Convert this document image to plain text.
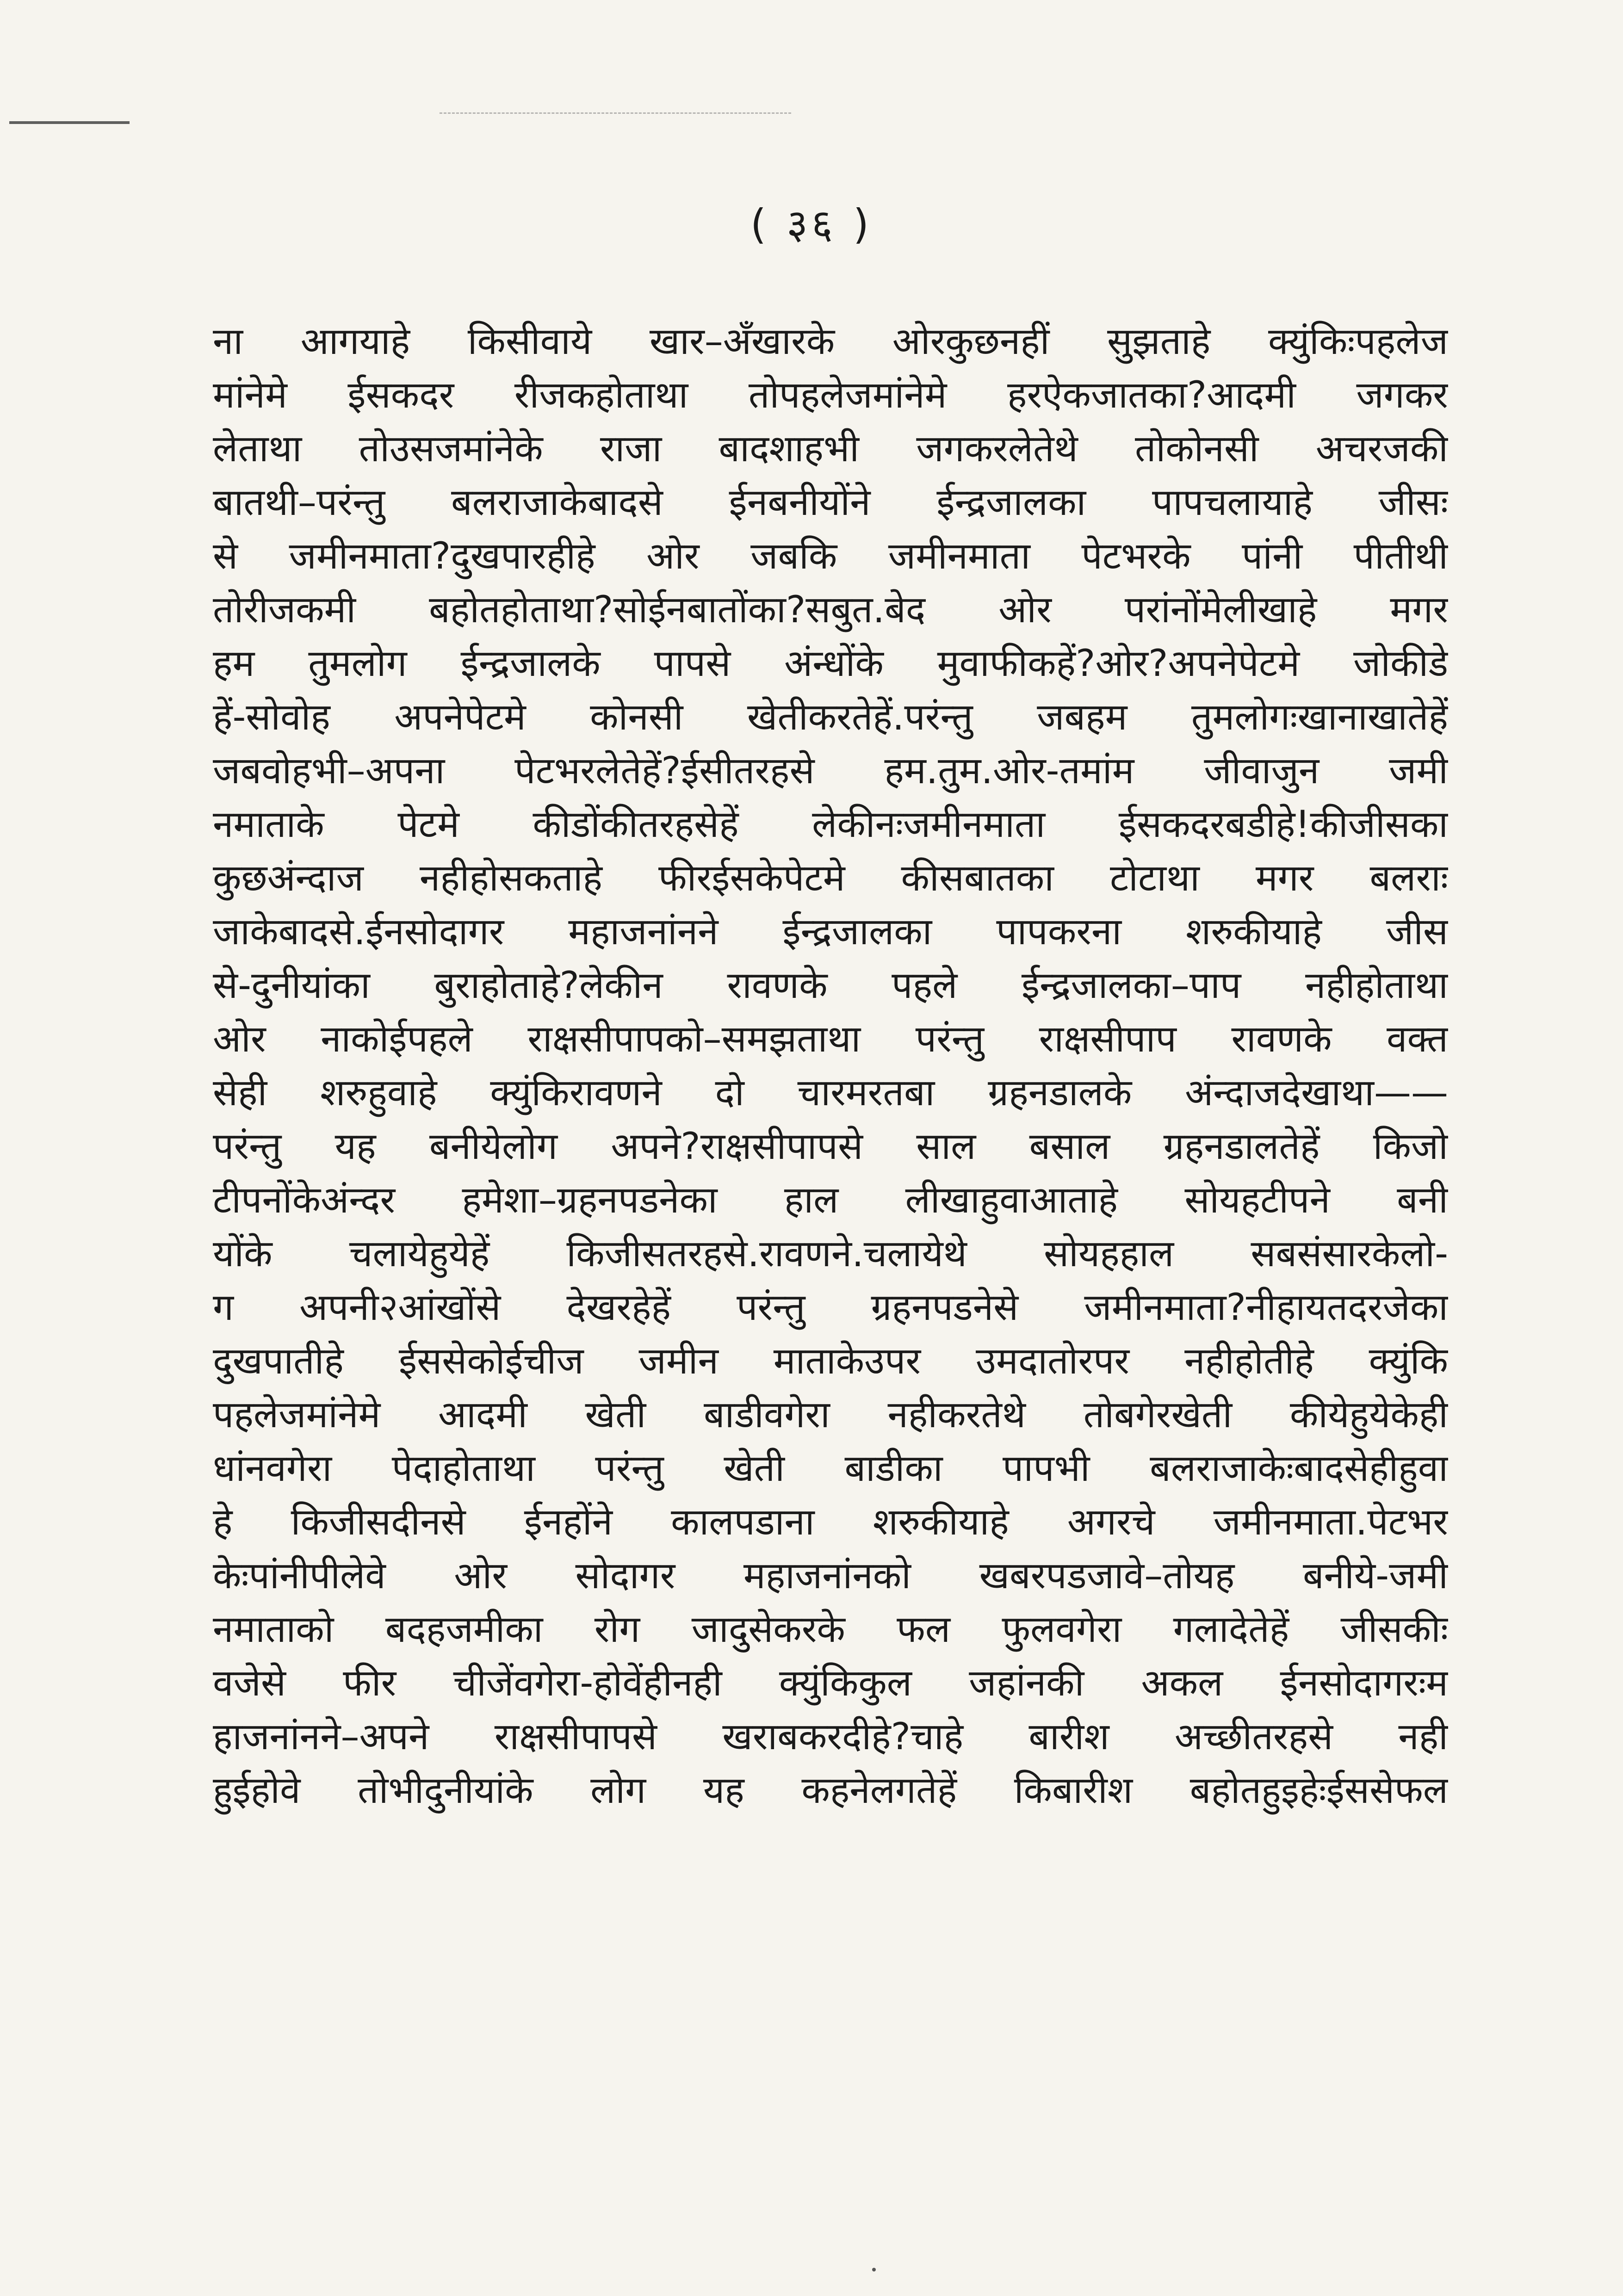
( ३६ )
ना आगयाहे किसीवाये खार–अँखारके ओरकुछनहीं सुझताहे क्युंकिःपहलेज
मांनेमे ईसकदर रीजकहोताथा तोपहलेजमांनेमे हरऐकजातका?आदमी जगकर
लेताथा तोउसजमांनेके राजा बादशाहभी जगकरलेतेथे तोकोनसी अचरजकी
बातथी–परंन्तु बलराजाकेबादसे ईनबनीयोंने ईन्द्रजालका पापचलायाहे जीसः
से जमीनमाता?दुखपारहीहे ओर जबकि जमीनमाता पेटभरके पांनी पीतीथी
तोरीजकमी बहोतहोताथा?सोईनबातोंका?सबुत.बेद ओर परांनोंमेलीखाहे मगर
हम तुमलोग ईन्द्रजालके पापसे अंन्धोंके मुवाफीकहें?ओर?अपनेपेटमे जोकीडे
हें-सोवोह अपनेपेटमे कोनसी खेतीकरतेहें.परंन्तु जबहम तुमलोगःखानाखातेहें
जबवोहभी–अपना पेटभरलेतेहें?ईसीतरहसे हम.तुम.ओर-तमांम जीवाजुन जमी
नमाताके पेटमे कीडोंकीतरहसेहें लेकीनःजमीनमाता ईसकदरबडीहे!कीजीसका
कुछअंन्दाज नहीहोसकताहे फीरईसकेपेटमे कीसबातका टोटाथा मगर बलराः
जाकेबादसे.ईनसोदागर महाजनांनने ईन्द्रजालका पापकरना शरुकीयाहे जीस
से-दुनीयांका बुराहोताहे?लेकीन रावणके पहले ईन्द्रजालका–पाप नहीहोताथा
ओर नाकोईपहले राक्षसीपापको–समझताथा परंन्तु राक्षसीपाप रावणके वक्त
सेही शरुहुवाहे क्युंकिरावणने दो चारमरतबा ग्रहनडालके अंन्दाजदेखाथा——
परंन्तु यह बनीयेलोग अपने?राक्षसीपापसे साल बसाल ग्रहनडालतेहें किजो
टीपनोंकेअंन्दर हमेशा–ग्रहनपडनेका हाल लीखाहुवाआताहे सोयहटीपने बनी
योंके चलायेहुयेहें किजीसतरहसे.रावणने.चलायेथे सोयहहाल सबसंसारकेलो-
ग अपनी२आंखोंसे देखरहेहें परंन्तु ग्रहनपडनेसे जमीनमाता?नीहायतदरजेका
दुखपातीहे ईससेकोईचीज जमीन माताकेउपर उमदातोरपर नहीहोतीहे क्युंकि
पहलेजमांनेमे आदमी खेती बाडीवगेरा नहीकरतेथे तोबगेरखेती कीयेहुयेकेही
धांनवगेरा पेदाहोताथा परंन्तु खेती बाडीका पापभी बलराजाकेःबादसेहीहुवा
हे किजीसदीनसे ईनहोंने कालपडाना शरुकीयाहे अगरचे जमीनमाता.पेटभर
केःपांनीपीलेवे ओर सोदागर महाजनांनको खबरपडजावे–तोयह बनीये-जमी
नमाताको बदहजमीका रोग जादुसेकरके फल फुलवगेरा गलादेतेहें जीसकीः
वजेसे फीर चीजेंवगेरा-होवेंहीनही क्युंकिकुल जहांनकी अकल ईनसोदागरःम
हाजनांनने–अपने राक्षसीपापसे खराबकरदीहे?चाहे बारीश अच्छीतरहसे नही
हुईहोवे तोभीदुनीयांके लोग यह कहनेलगतेहें किबारीश बहोतहुइहेःईससेफल
